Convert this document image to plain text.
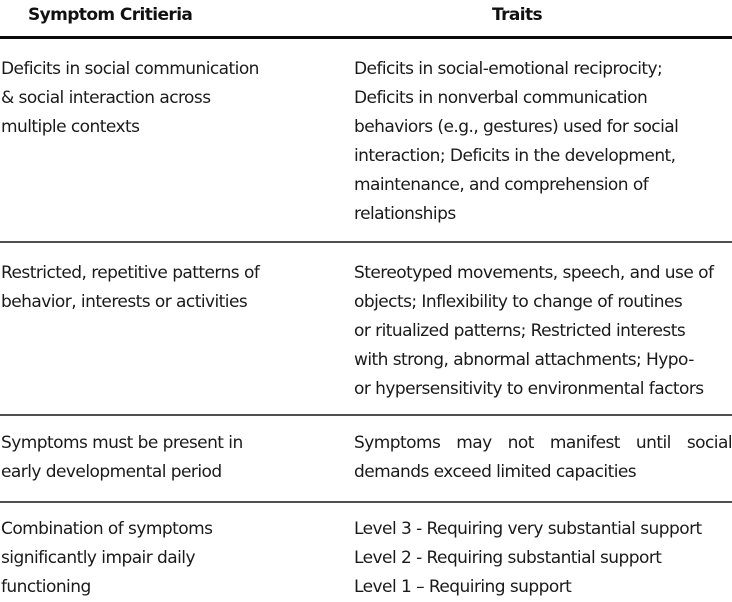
Symptom Critieria	Traits
Deficits in social communication
& social interaction across
multiple contexts
Deficits in social-emotional reciprocity;
Deficits in nonverbal communication
behaviors (e.g., gestures) used for social
interaction; Deficits in the development,
maintenance, and comprehension of
relationships
Restricted, repetitive patterns of
behavior, interests or activities
Stereotyped movements, speech, and use of
objects; Inflexibility to change of routines
or ritualized patterns; Restricted interests
with strong, abnormal attachments; Hypo-
or hypersensitivity to environmental factors
Symptoms must be present in
early developmental period
Symptoms may not manifest until social
demands exceed limited capacities
Combination of symptoms
significantly impair daily
functioning
Level 3 - Requiring very substantial support
Level 2 - Requiring substantial support
Level 1 – Requiring support
